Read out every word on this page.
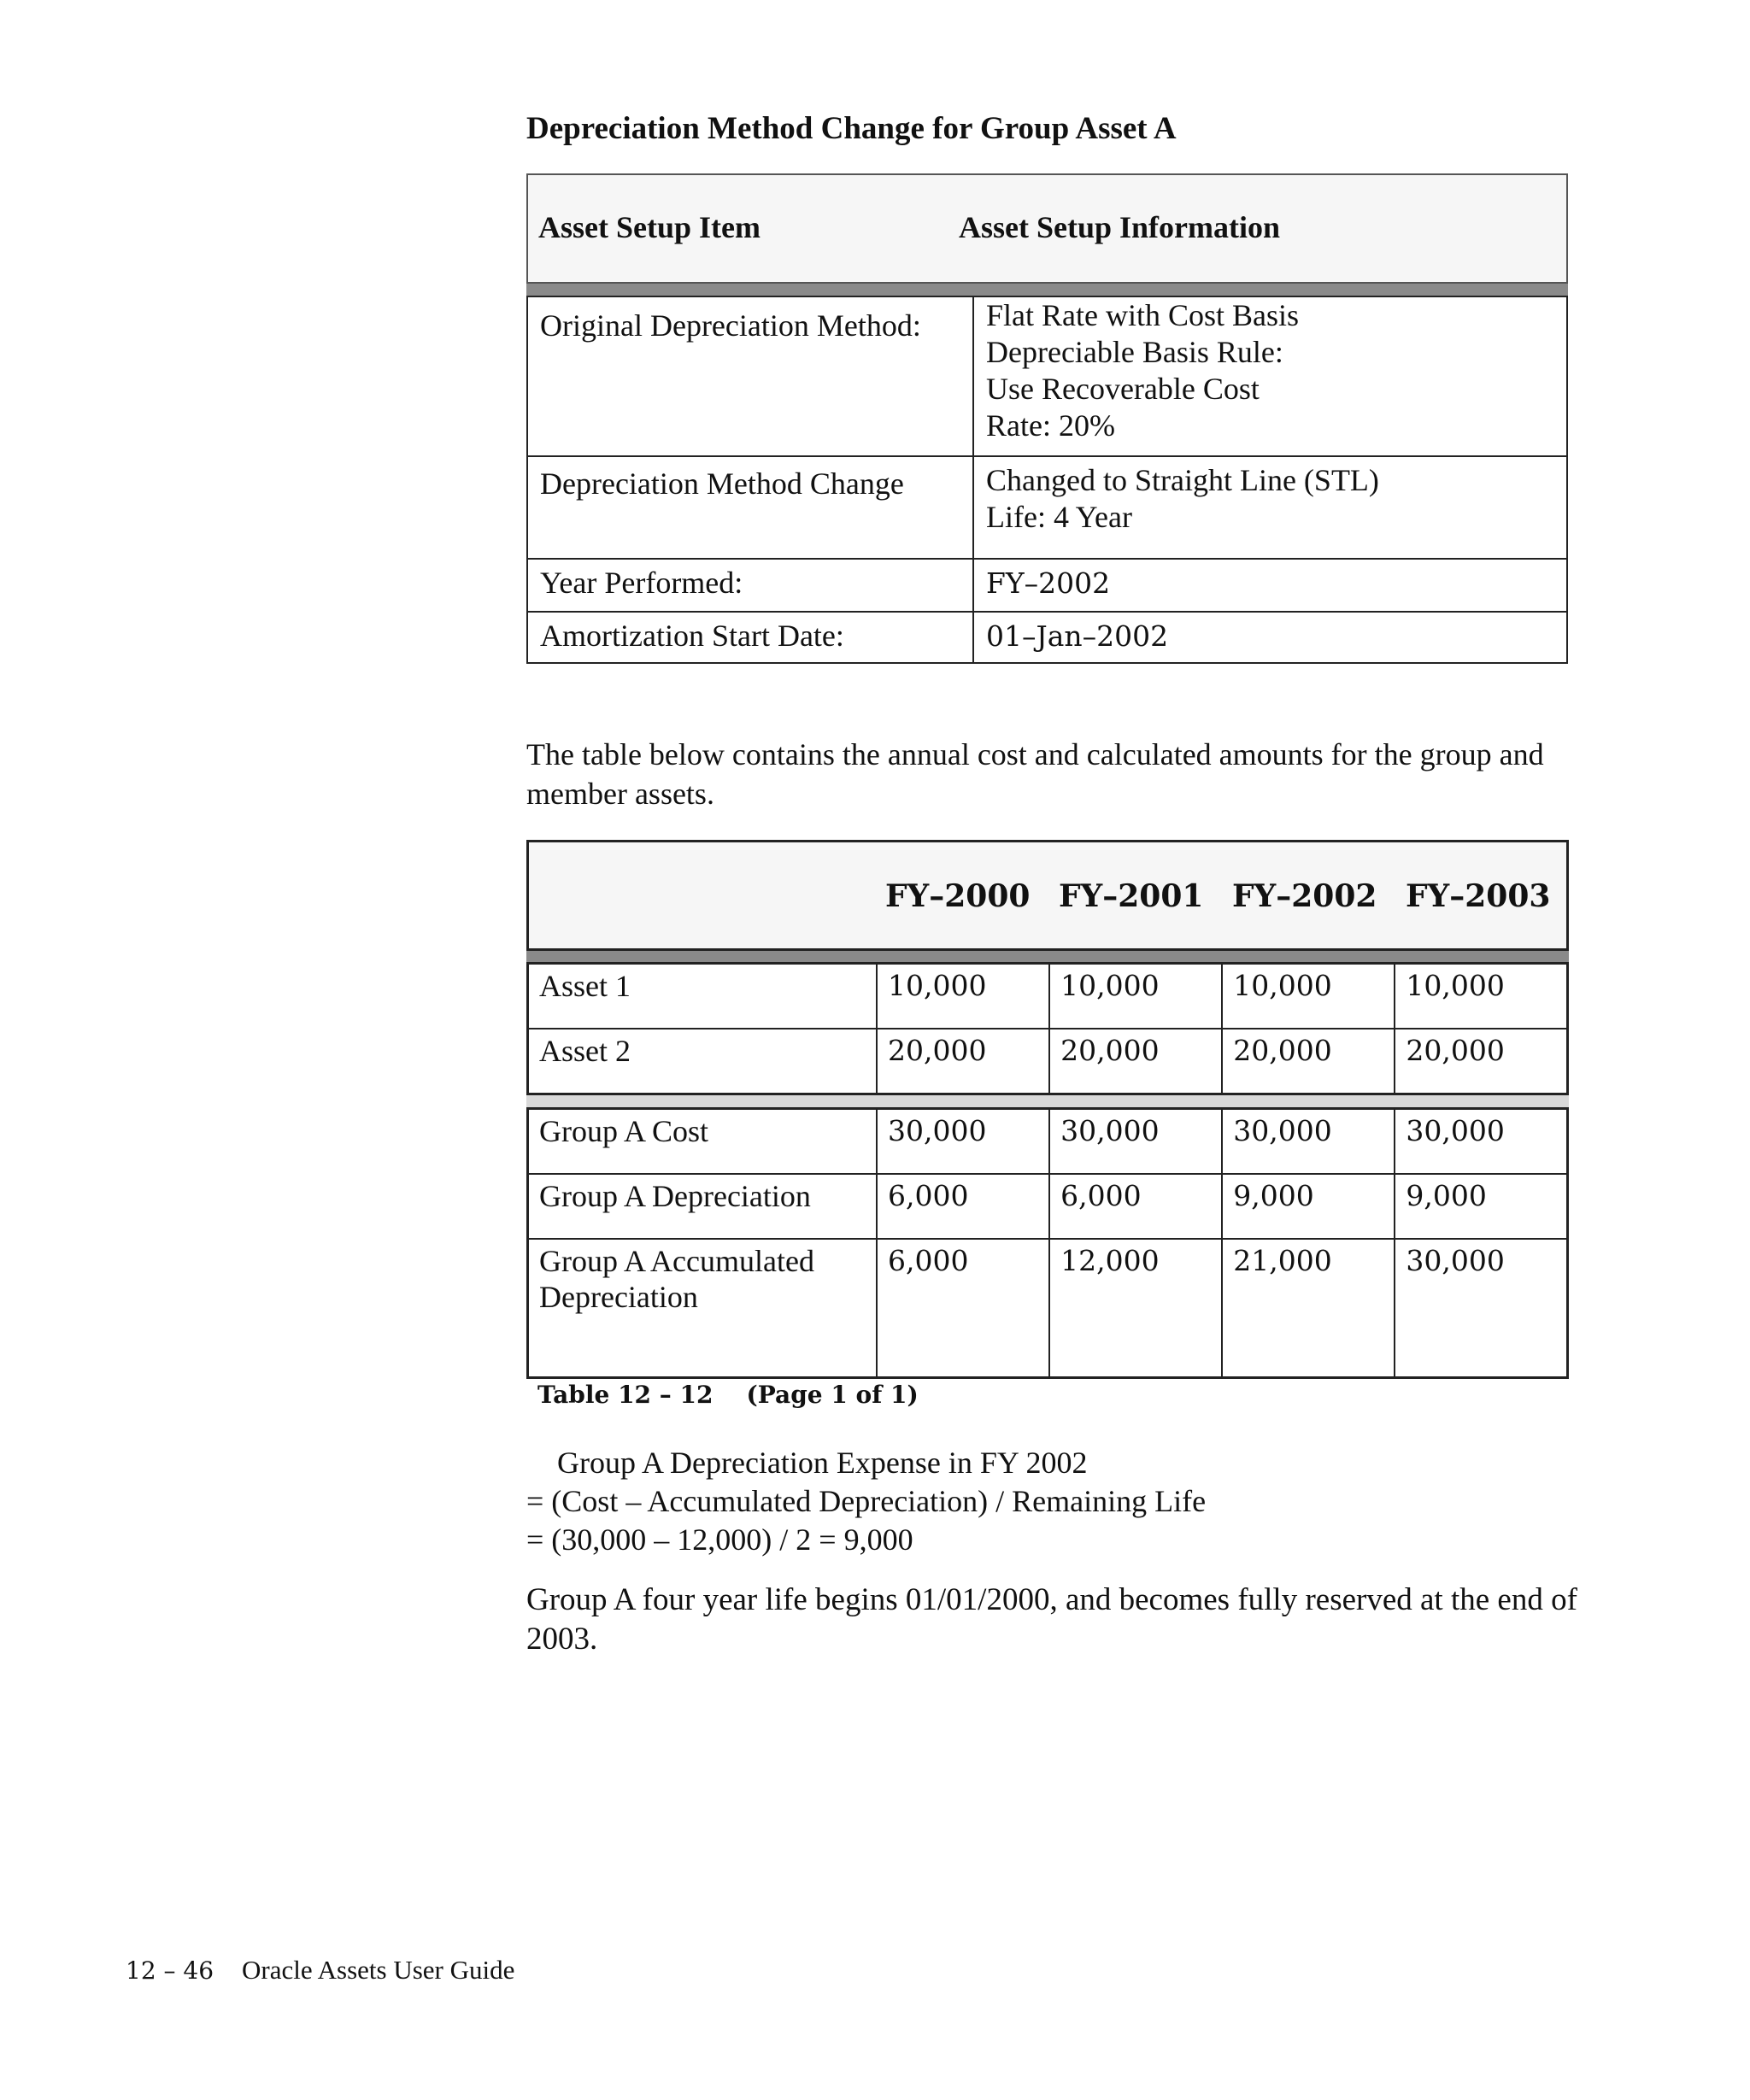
Depreciation Method Change for Group Asset A
Asset Setup Item	Asset Setup Information
Original Depreciation Method:	Flat Rate with Cost Basis
Depreciable Basis Rule:
Use Recoverable Cost
Rate: 20%

Depreciation Method Change	Changed to Straight Line (STL)
Life: 4 Year

Year Performed:	FY–2002
Amortization Start Date:	01–Jan–2002
The table below contains the annual cost and calculated amounts for the group and member assets.
FY–2000 FY–2001 FY–2002 FY–2003
Asset 1	10,000	10,000	10,000	10,000
Asset 2	20,000	20,000	20,000	20,000
Group A Cost	30,000	30,000	30,000	30,000
Group A Depreciation	6,000	6,000	9,000	9,000
Group A Accumulated Depreciation	6,000	12,000	21,000	30,000
Table 12 – 12    (Page 1 of 1)
Group A Depreciation Expense in FY 2002
= (Cost – Accumulated Depreciation) / Remaining Life
= (30,000 – 12,000) / 2 = 9,000
Group A four year life begins 01/01/2000, and becomes fully reserved at the end of 2003.
12 – 46 Oracle Assets User Guide
